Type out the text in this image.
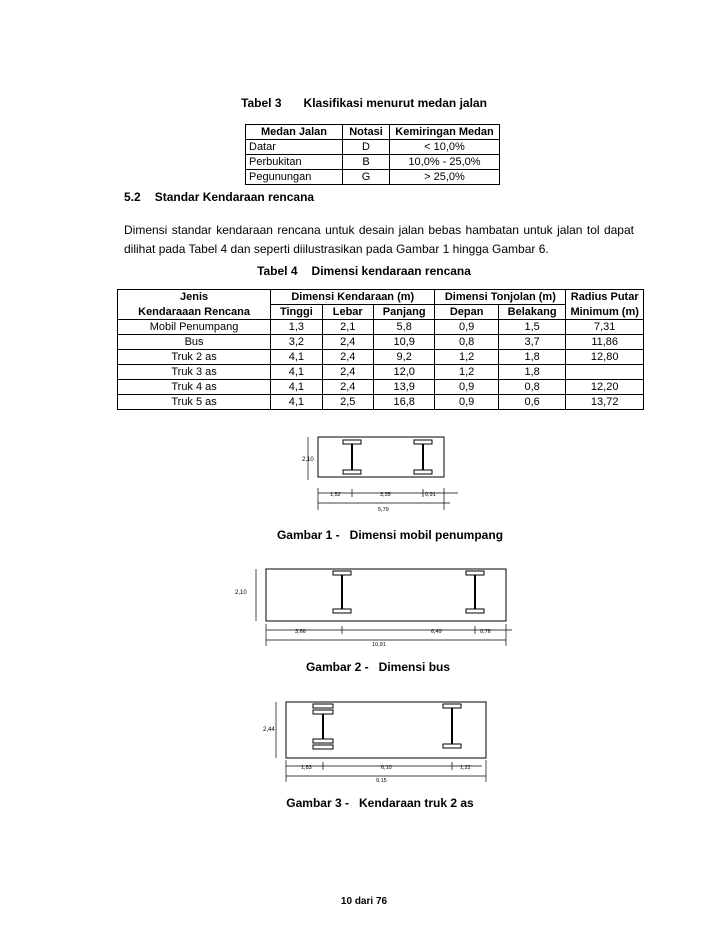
Tabel 3 Klasifikasi menurut medan jalan
Medan Jalan	Notasi	Kemiringan Medan
Datar	D	< 10,0%
Perbukitan	B	10,0% - 25,0%
Pegunungan	G	> 25,0%
5.2 Standar Kendaraan rencana
Dimensi standar kendaraan rencana untuk desain jalan bebas hambatan untuk jalan tol dapat dilihat pada Tabel 4 dan seperti diilustrasikan pada Gambar 1 hingga Gambar 6.
Tabel 4 Dimensi kendaraan rencana
Jenis	Dimensi Kendaraan (m)			Dimensi Tonjolan (m)		Radius Putar
Kendaraaan Rencana	Tinggi	Lebar	Panjang	Depan	Belakang	Minimum (m)
Mobil Penumpang	1,3	2,1	5,8	0,9	1,5	7,31
Bus	3,2	2,4	10,9	0,8	3,7	11,86
Truk 2 as	4,1	2,4	9,2	1,2	1,8	12,80
Truk 3 as	4,1	2,4	12,0	1,2	1,8	
Truk 4 as	4,1	2,4	13,9	0,9	0,8	12,20
Truk 5 as	4,1	2,5	16,8	0,9	0,6	13,72
2,10
1,52	3,35	0,91
5,79
Gambar 1 - Dimensi mobil penumpang
2,10
3,66	6,49	0,76
10,91
Gambar 2 - Dimensi bus
2,44
1,83	6,10	1,22
9,15
Gambar 3 - Kendaraan truk 2 as
10 dari 76
